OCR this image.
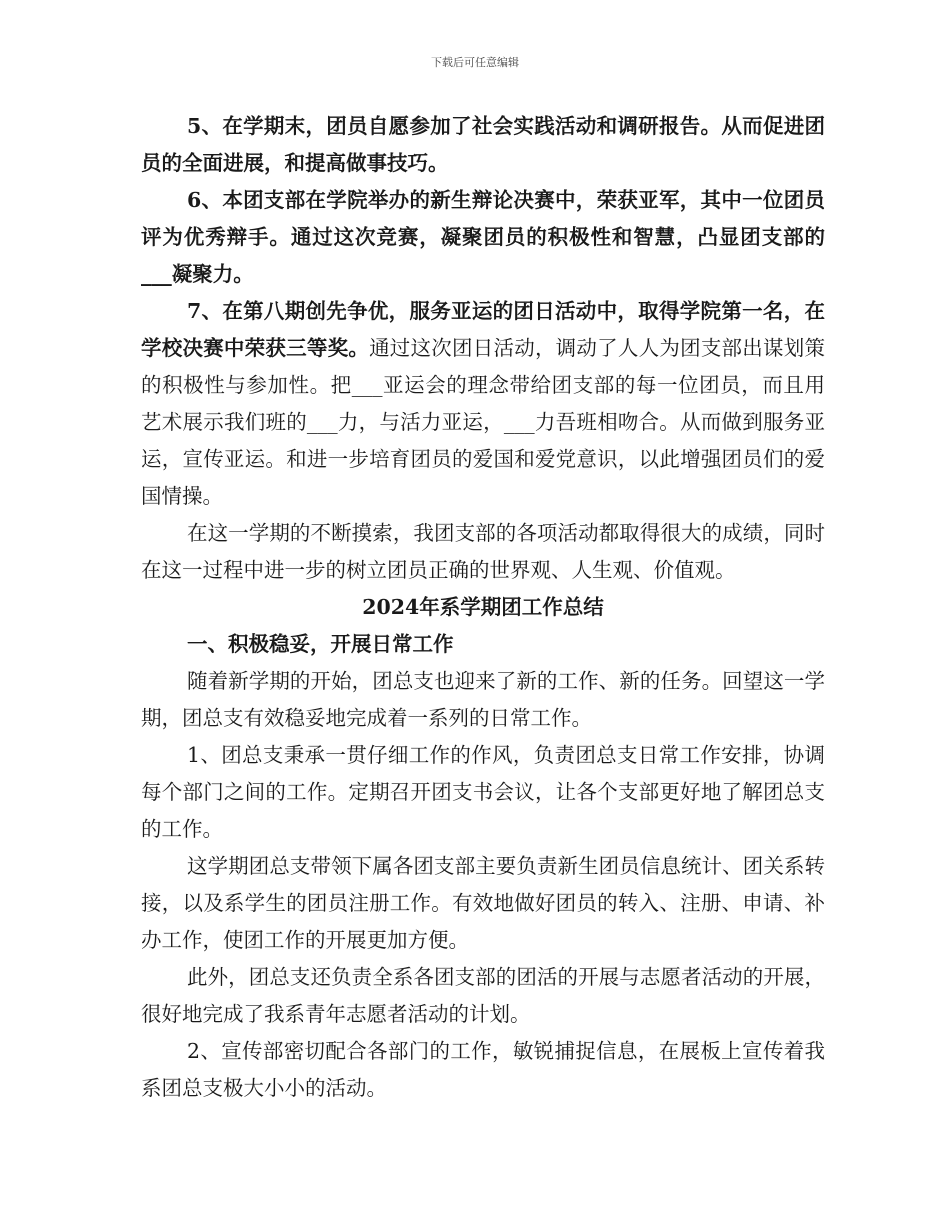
下载后可任意编辑

5、在学期末，团员自愿参加了社会实践活动和调研报告。从而促进团员的全面进展，和提高做事技巧。

6、本团支部在学院举办的新生辩论决赛中，荣获亚军，其中一位团员评为优秀辩手。通过这次竞赛，凝聚团员的积极性和智慧，凸显团支部的___凝聚力。

7、在第八期创先争优，服务亚运的团日活动中，取得学院第一名，在学校决赛中荣获三等奖。通过这次团日活动，调动了人人为团支部出谋划策的积极性与参加性。把___亚运会的理念带给团支部的每一位团员，而且用艺术展示我们班的___力，与活力亚运，___力吾班相吻合。从而做到服务亚运，宣传亚运。和进一步培育团员的爱国和爱党意识，以此增强团员们的爱国情操。

在这一学期的不断摸索，我团支部的各项活动都取得很大的成绩，同时在这一过程中进一步的树立团员正确的世界观、人生观、价值观。

2024年系学期团工作总结

一、积极稳妥，开展日常工作

随着新学期的开始，团总支也迎来了新的工作、新的任务。回望这一学期，团总支有效稳妥地完成着一系列的日常工作。

1、团总支秉承一贯仔细工作的作风，负责团总支日常工作安排，协调每个部门之间的工作。定期召开团支书会议，让各个支部更好地了解团总支的工作。

这学期团总支带领下属各团支部主要负责新生团员信息统计、团关系转接，以及系学生的团员注册工作。有效地做好团员的转入、注册、申请、补办工作，使团工作的开展更加方便。

此外，团总支还负责全系各团支部的团活的开展与志愿者活动的开展，很好地完成了我系青年志愿者活动的计划。

2、宣传部密切配合各部门的工作，敏锐捕捉信息，在展板上宣传着我系团总支极大小小的活动。
